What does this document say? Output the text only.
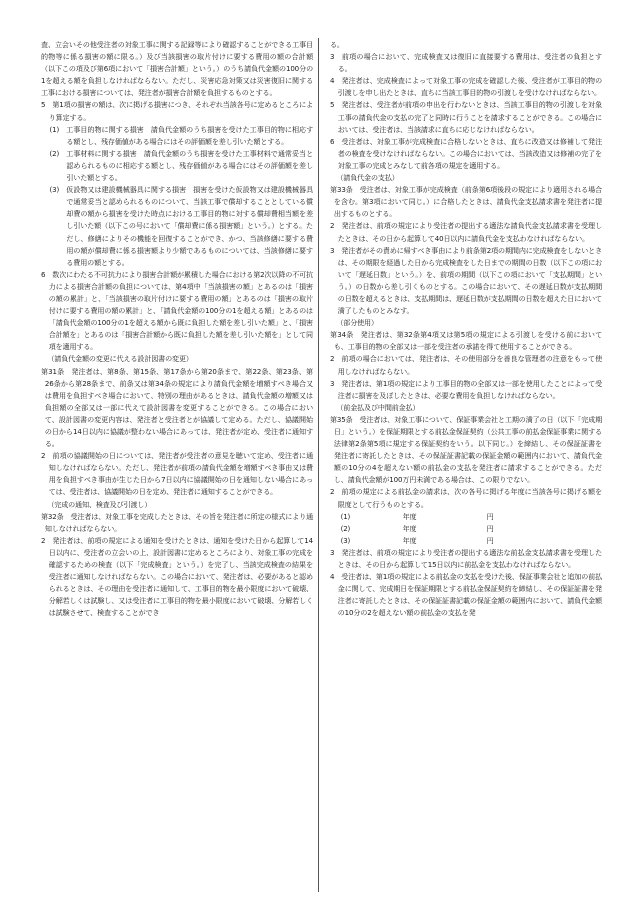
査、立会いその他受注者の対象工事に関する記録等により確認することができる工事目的物等に係る損害の額に限る。）及び当該損害の取片付けに要する費用の額の合計額（以下この項及び第6項において「損害合計額」という。）のうち請負代金額の100分の1を超える額を負担しなければならない。ただし、災害応急対策又は災害復旧に関する工事における損害については、発注者が損害合計額を負担するものとする。

5　第1項の損害の額は、次に掲げる損害につき、それぞれ当該各号に定めるところにより算定する。

(1)　工事目的物に関する損害　請負代金額のうち損害を受けた工事目的物に相応する額とし、残存価値がある場合にはその評価額を差し引いた額とする。

(2)　工事材料に関する損害　請負代金額のうち損害を受けた工事材料で通常妥当と認められるものに相応する額とし、残存価値がある場合にはその評価額を差し引いた額とする。

(3)　仮設物又は建設機械器具に関する損害　損害を受けた仮設物又は建設機械器具で通常妥当と認められるものについて、当該工事で償却することとしている償却費の額から損害を受けた時点における工事目的物に対する償却費相当額を差し引いた額（以下この号において「償却費に係る損害額」という。）とする。ただし、修繕によりその機能を回復することができ、かつ、当該修繕に要する費用の額が償却費に係る損害額より少額であるものについては、当該修繕に要する費用の額とする。

6　数次にわたる不可抗力により損害合計額が累積した場合における第2次以降の不可抗力による損害合計額の負担については、第4項中「当該損害の額」とあるのは「損害の額の累計」と、「当該損害の取片付けに要する費用の額」とあるのは「損害の取片付けに要する費用の額の累計」と、「請負代金額の100分の1を超える額」とあるのは「請負代金額の100分の1を超える額から既に負担した額を差し引いた額」と、「損害合計額を」とあるのは「損害合計額から既に負担した額を差し引いた額を」として同項を適用する。

（請負代金額の変更に代える設計図書の変更）

第31条　発注者は、第8条、第15条、第17条から第20条まで、第22条、第23条、第26条から第28条まで、前条又は第34条の規定により請負代金額を増額すべき場合又は費用を負担すべき場合において、特別の理由があるときは、請負代金額の増額又は負担額の全部又は一部に代えて設計図書を変更することができる。この場合において、設計図書の変更内容は、発注者と受注者とが協議して定める。ただし、協議開始の日から14日以内に協議が整わない場合にあっては、発注者が定め、受注者に通知する。

2　前項の協議開始の日については、発注者が受注者の意見を聴いて定め、受注者に通知しなければならない。ただし、発注者が前項の請負代金額を増額すべき事由又は費用を負担すべき事由が生じた日から7日以内に協議開始の日を通知しない場合にあっては、受注者は、協議開始の日を定め、発注者に通知することができる。

（完成の通知、検査及び引渡し）

第32条　受注者は、対象工事を完成したときは、その旨を発注者に所定の様式により通知しなければならない。

2　発注者は、前項の規定による通知を受けたときは、通知を受けた日から起算して14日以内に、受注者の立会いの上、設計図書に定めるところにより、対象工事の完成を確認するための検査（以下「完成検査」という。）を完了し、当該完成検査の結果を受注者に通知しなければならない。この場合において、発注者は、必要があると認められるときは、その理由を受注者に通知して、工事目的物を最小限度において破壊、分解若しくは試験し、又は受注者に工事目的物を最小限度において破壊、分解若しくは試験させて、検査することができ

る。

3　前項の場合において、完成検査又は復旧に直接要する費用は、受注者の負担とする。

4　発注者は、完成検査によって対象工事の完成を確認した後、受注者が工事目的物の引渡しを申し出たときは、直ちに当該工事目的物の引渡しを受けなければならない。

5　発注者は、受注者が前項の申出を行わないときは、当該工事目的物の引渡しを対象工事の請負代金の支払の完了と同時に行うことを請求することができる。この場合においては、受注者は、当該請求に直ちに応じなければならない。

6　受注者は、対象工事が完成検査に合格しないときは、直ちに改造又は修補して発注者の検査を受けなければならない。この場合においては、当該改造又は修補の完了を対象工事の完成とみなして前各項の規定を適用する。

（請負代金の支払）

第33条　受注者は、対象工事が完成検査（前条第6項後段の規定により適用される場合を含む。第3項において同じ。）に合格したときは、請負代金支払請求書を発注者に提出するものとする。

2　発注者は、前項の規定により受注者の提出する適法な請負代金支払請求書を受理したときは、その日から起算して40日以内に請負代金を支払わなければならない。

3　発注者がその責めに帰すべき事由により前条第2項の期間内に完成検査をしないときは、その期限を経過した日から完成検査をした日までの期間の日数（以下この項において「遅延日数」という。）を、前項の期間（以下この項において「支払期間」という。）の日数から差し引くものとする。この場合において、その遅延日数が支払期間の日数を超えるときは、支払期間は、遅延日数が支払期間の日数を超えた日において満了したものとみなす。

（部分使用）

第34条　発注者は、第32条第4項又は第5項の規定による引渡しを受ける前においても、工事目的物の全部又は一部を受注者の承諾を得て使用することができる。

2　前項の場合においては、発注者は、その使用部分を善良な管理者の注意をもって使用しなければならない。

3　発注者は、第1項の規定により工事目的物の全部又は一部を使用したことによって受注者に損害を及ぼしたときは、必要な費用を負担しなければならない。

（前金払及び中間前金払）

第35条　受注者は、対象工事について、保証事業会社と工期の満了の日（以下「完成期日」という。）を保証期限とする前払金保証契約（公共工事の前払金保証事業に関する法律第2条第5項に規定する保証契約をいう。以下同じ。）を締結し、その保証証書を発注者に寄託したときは、その保証証書記載の保証金額の範囲内において、請負代金額の10分の4を超えない額の前払金の支払を発注者に請求することができる。ただし、請負代金額が100万円未満である場合は、この限りでない。

2　前項の規定による前払金の請求は、次の各号に掲げる年度に当該各号に掲げる額を限度として行うものとする。

(1)	年度	円
(2)	年度	円
(3)	年度	円

3　発注者は、前項の規定により受注者の提出する適法な前払金支払請求書を受理したときは、その日から起算して15日以内に前払金を支払わなければならない。

4　受注者は、第1項の規定による前払金の支払を受けた後、保証事業会社と追加の前払金に関して、完成期日を保証期限とする前払金保証契約を締結し、その保証証書を発注者に寄託したときは、その保証証書記載の保証金額の範囲内において、請負代金額の10分の2を超えない額の前払金の支払を発
